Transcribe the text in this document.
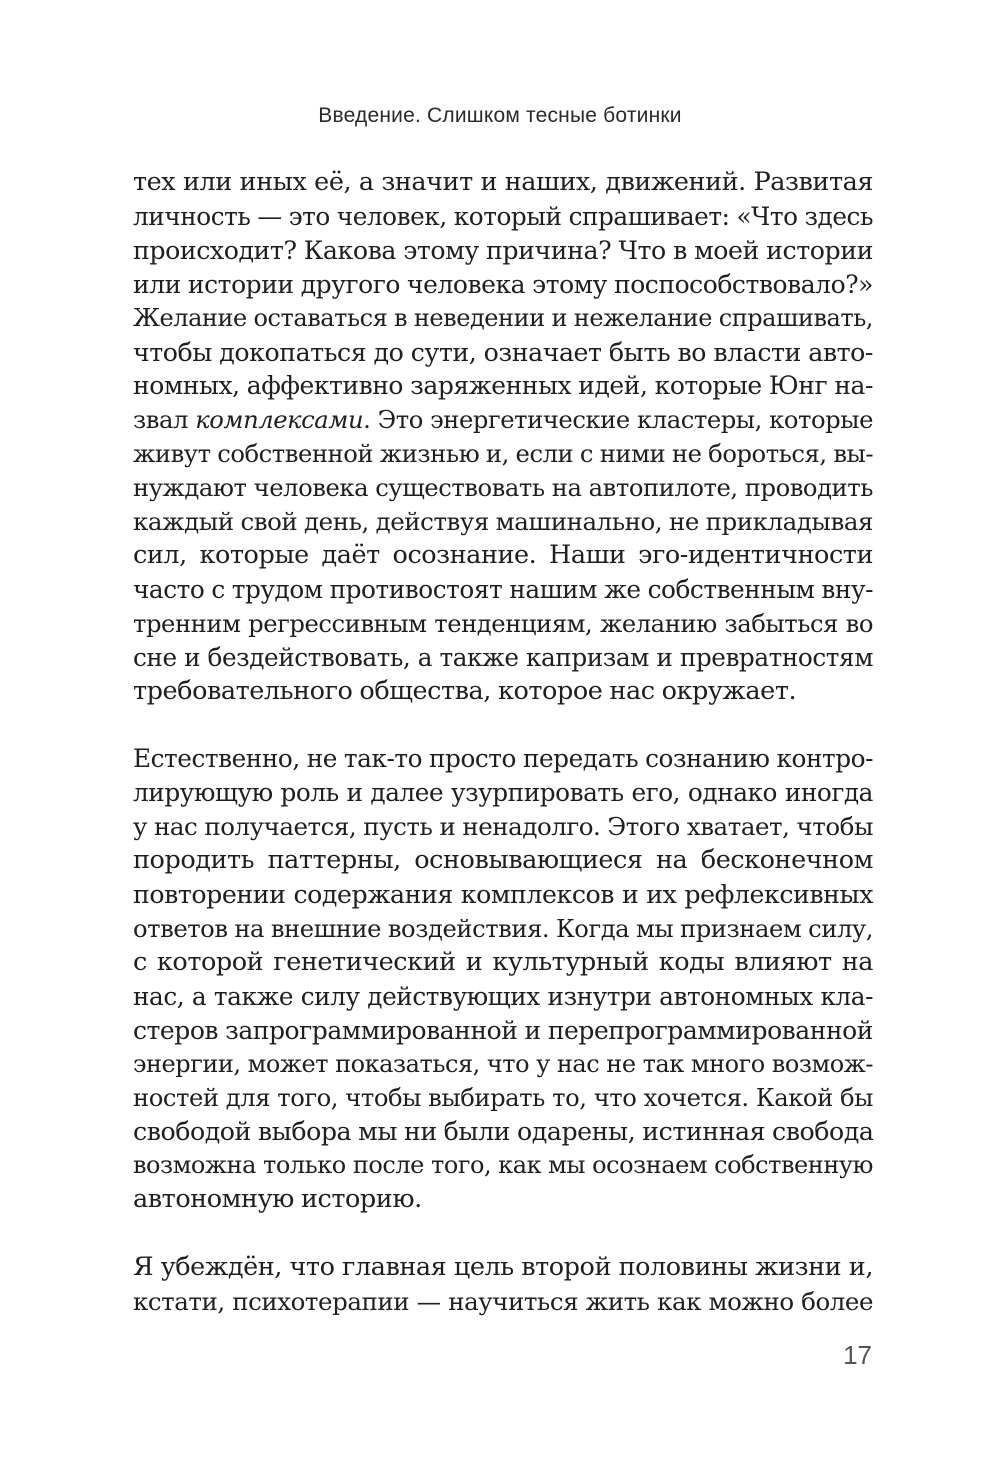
Введение. Слишком тесные ботинки
тех или иных её, а значит и наших, движений. Развитая
личность — это человек, который спрашивает: «Что здесь
происходит? Какова этому причина? Что в моей истории
или истории другого человека этому поспособствовало?»
Желание оставаться в неведении и нежелание спрашивать,
чтобы докопаться до сути, означает быть во власти авто-
номных, аффективно заряженных идей, которые Юнг на-
звал комплексами. Это энергетические кластеры, которые
живут собственной жизнью и, если с ними не бороться, вы-
нуждают человека существовать на автопилоте, проводить
каждый свой день, действуя машинально, не прикладывая
сил, которые даёт осознание. Наши эго-идентичности
часто с трудом противостоят нашим же собственным вну-
тренним регрессивным тенденциям, желанию забыться во
сне и бездействовать, а также капризам и превратностям
требовательного общества, которое нас окружает.
Естественно, не так-то просто передать сознанию контро-
лирующую роль и далее узурпировать его, однако иногда
у нас получается, пусть и ненадолго. Этого хватает, чтобы
породить паттерны, основывающиеся на бесконечном
повторении содержания комплексов и их рефлексивных
ответов на внешние воздействия. Когда мы признаем силу,
с которой генетический и культурный коды влияют на
нас, а также силу действующих изнутри автономных кла-
стеров запрограммированной и перепрограммированной
энергии, может показаться, что у нас не так много возмож-
ностей для того, чтобы выбирать то, что хочется. Какой бы
свободой выбора мы ни были одарены, истинная свобода
возможна только после того, как мы осознаем собственную
автономную историю.
Я убеждён, что главная цель второй половины жизни и,
кстати, психотерапии — научиться жить как можно более
17
